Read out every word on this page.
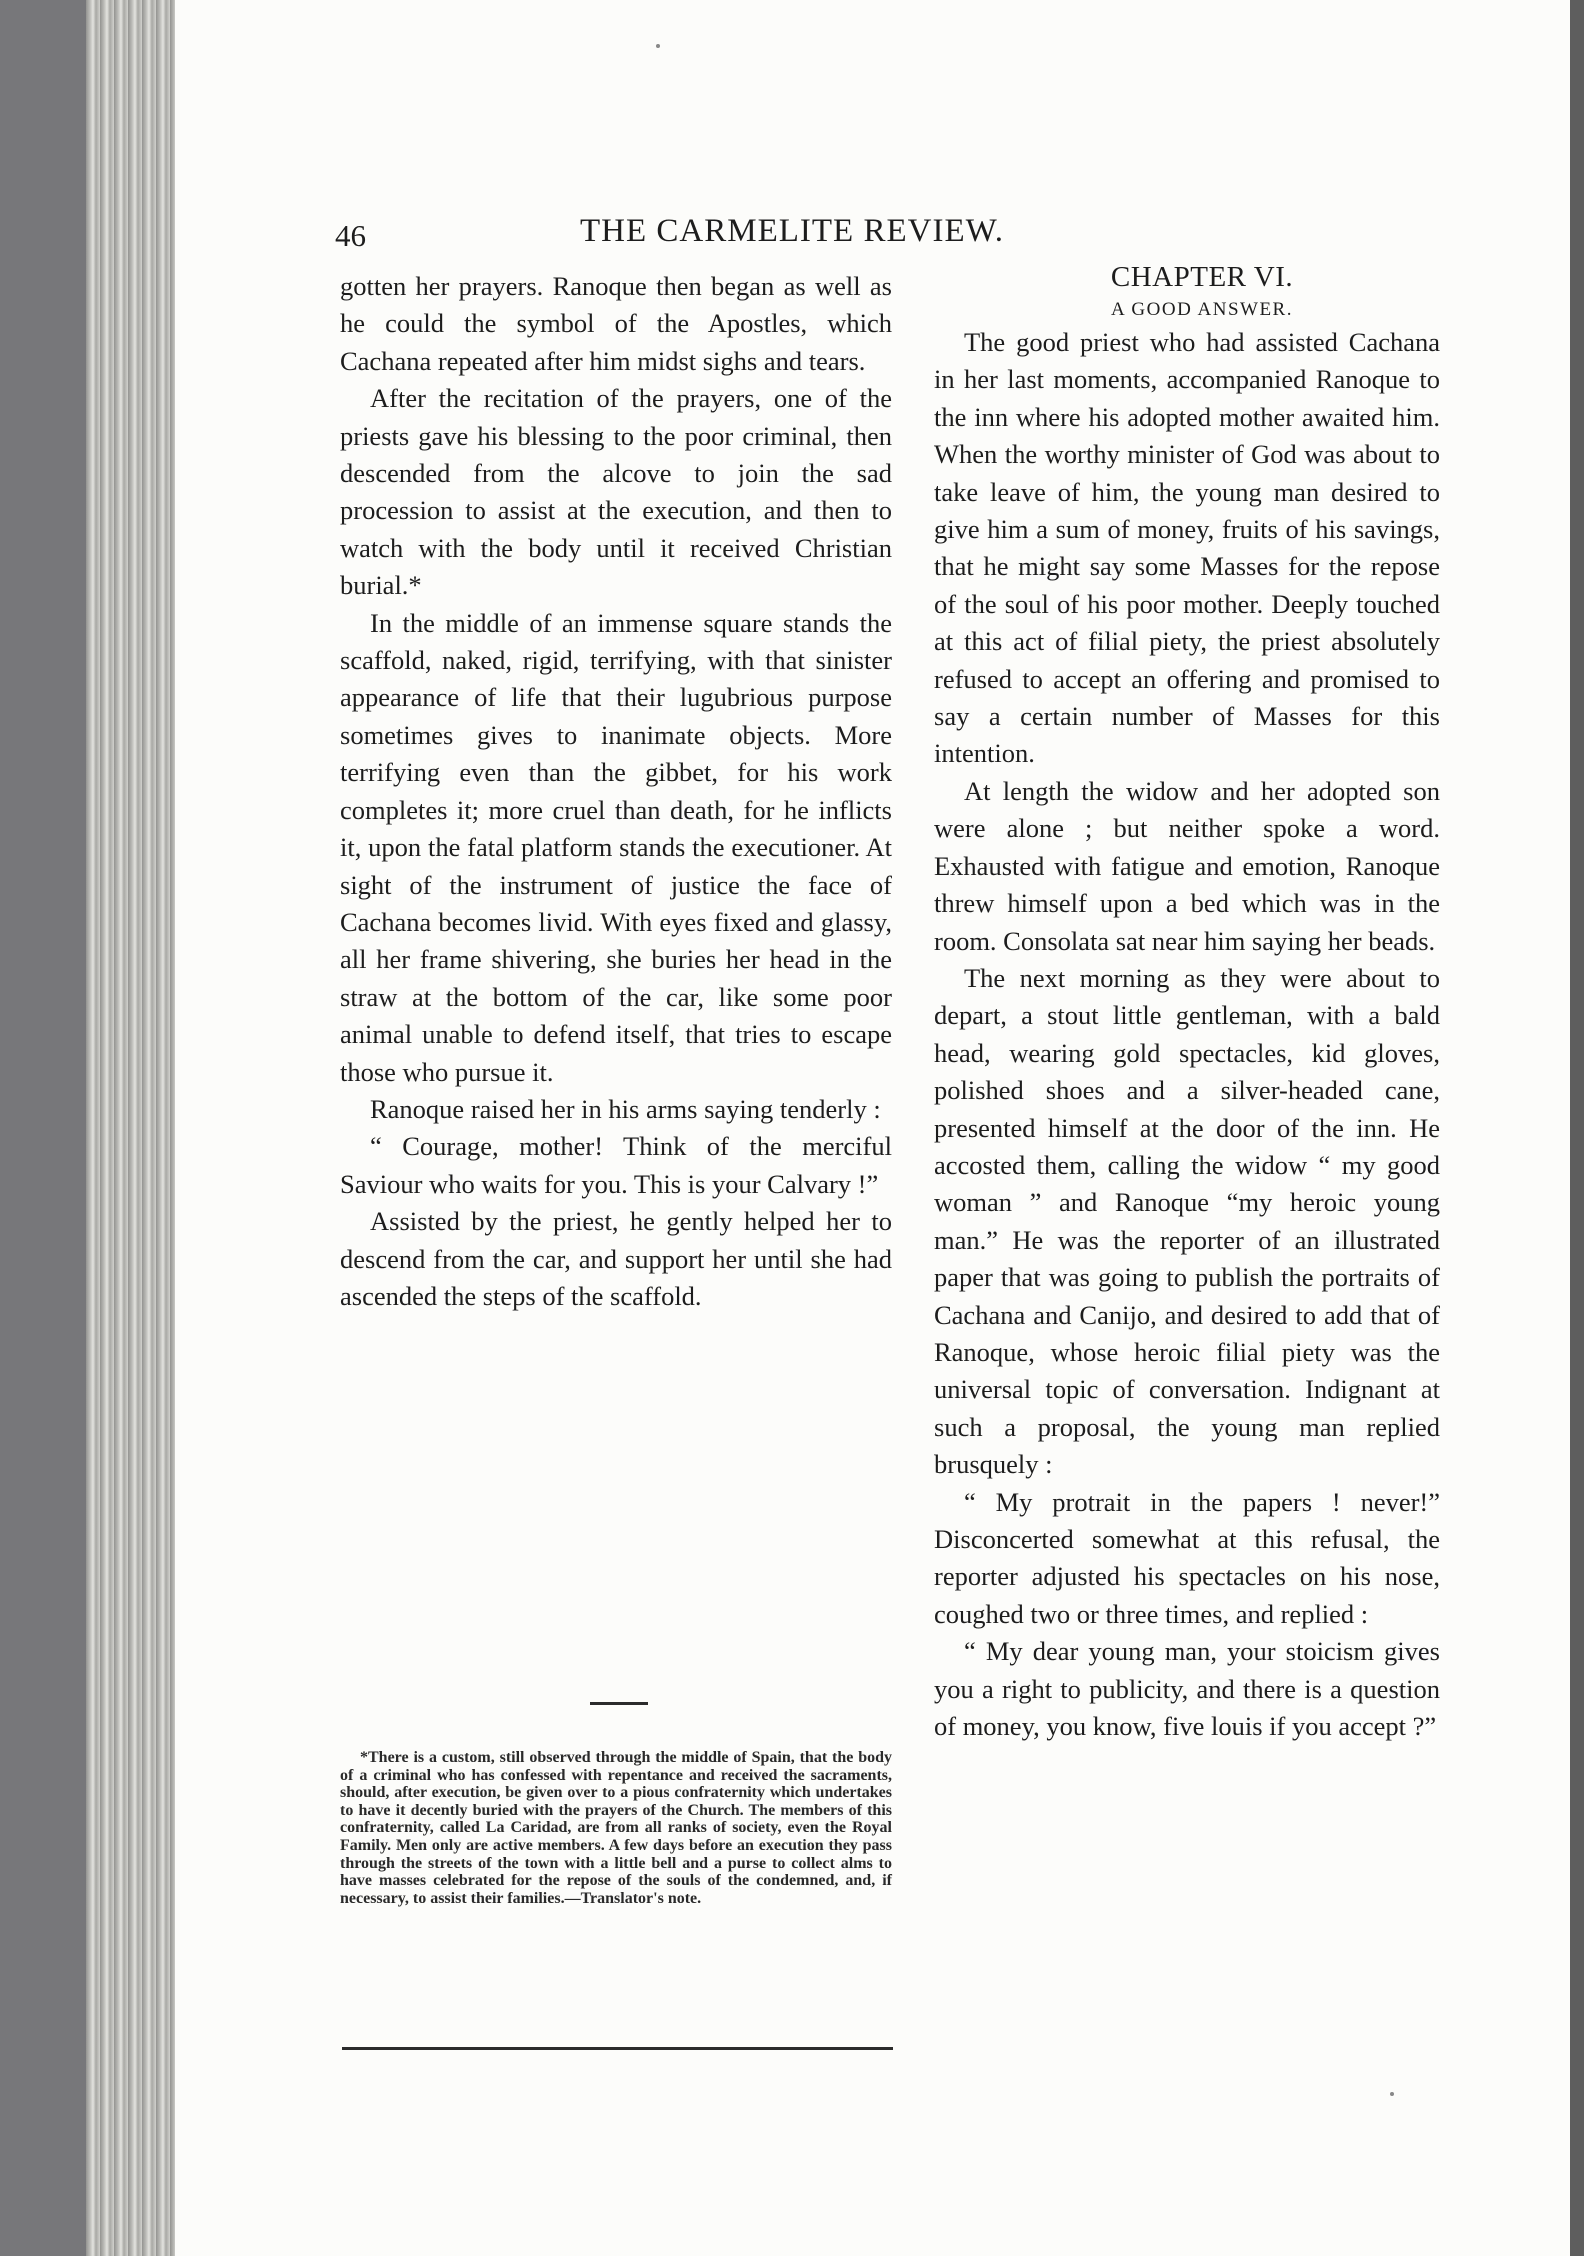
46	THE CARMELITE REVIEW.

gotten her prayers. Ranoque then began as well as he could the symbol of the Apostles, which Cachana repeated after him midst sighs and tears.

After the recitation of the prayers, one of the priests gave his blessing to the poor criminal, then descended from the alcove to join the sad procession to assist at the execution, and then to watch with the body until it received Christian burial.*

In the middle of an immense square stands the scaffold, naked, rigid, terrifying, with that sinister appearance of life that their lugubrious purpose sometimes gives to inanimate objects. More terrifying even than the gibbet, for his work completes it; more cruel than death, for he inflicts it, upon the fatal platform stands the executioner. At sight of the instrument of justice the face of Cachana becomes livid. With eyes fixed and glassy, all her frame shivering, she buries her head in the straw at the bottom of the car, like some poor animal unable to defend itself, that tries to escape those who pursue it.

Ranoque raised her in his arms saying tenderly :

“ Courage, mother! Think of the merciful Saviour who waits for you. This is your Calvary !”

Assisted by the priest, he gently helped her to descend from the car, and support her until she had ascended the steps of the scaffold.

*There is a custom, still observed through the middle of Spain, that the body of a criminal who has confessed with repentance and received the sacraments, should, after execution, be given over to a pious confraternity which undertakes to have it decently buried with the prayers of the Church. The members of this confraternity, called La Caridad, are from all ranks of society, even the Royal Family. Men only are active members. A few days before an execution they pass through the streets of the town with a little bell and a purse to collect alms to have masses celebrated for the repose of the souls of the condemned, and, if necessary, to assist their families.—Translator's note.

CHAPTER VI.

A GOOD ANSWER.

The good priest who had assisted Cachana in her last moments, accompanied Ranoque to the inn where his adopted mother awaited him. When the worthy minister of God was about to take leave of him, the young man desired to give him a sum of money, fruits of his savings, that he might say some Masses for the repose of the soul of his poor mother. Deeply touched at this act of filial piety, the priest absolutely refused to accept an offering and promised to say a certain number of Masses for this intention.

At length the widow and her adopted son were alone ; but neither spoke a word. Exhausted with fatigue and emotion, Ranoque threw himself upon a bed which was in the room. Consolata sat near him saying her beads.

The next morning as they were about to depart, a stout little gentleman, with a bald head, wearing gold spectacles, kid gloves, polished shoes and a silver-headed cane, presented himself at the door of the inn. He accosted them, calling the widow “ my good woman ” and Ranoque “my heroic young man.” He was the reporter of an illustrated paper that was going to publish the portraits of Cachana and Canijo, and desired to add that of Ranoque, whose heroic filial piety was the universal topic of conversation. Indignant at such a proposal, the young man replied brusquely :

“ My protrait in the papers ! never!” Disconcerted somewhat at this refusal, the reporter adjusted his spectacles on his nose, coughed two or three times, and replied :

“ My dear young man, your stoicism gives you a right to publicity, and there is a question of money, you know, five louis if you accept ?”
